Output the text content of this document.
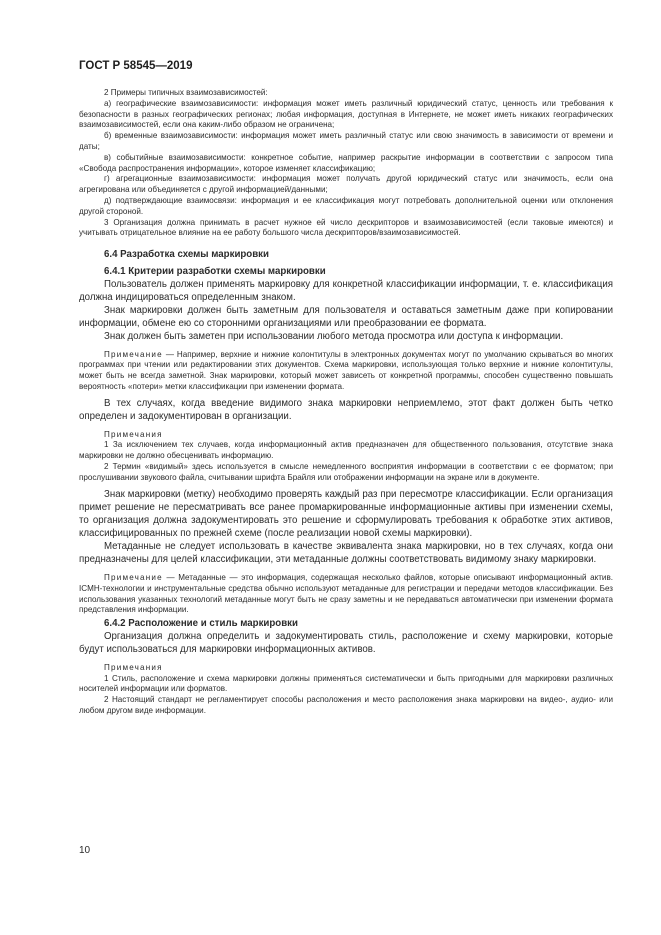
ГОСТ Р 58545—2019

2 Примеры типичных взаимозависимостей:

а) географические взаимозависимости: информация может иметь различный юридический статус, ценность или требования к безопасности в разных географических регионах; любая информация, доступная в Интернете, не может иметь никаких географических взаимозависимостей, если она каким-либо образом не ограничена;

б) временные взаимозависимости: информация может иметь различный статус или свою значимость в зависимости от времени и даты;

в) событийные взаимозависимости: конкретное событие, например раскрытие информации в соответствии с запросом типа «Свобода распространения информации», которое изменяет классификацию;

г) агрегационные взаимозависимости: информация может получать другой юридический статус или значимость, если она агрегирована или объединяется с другой информацией/данными;

д) подтверждающие взаимосвязи: информация и ее классификация могут потребовать дополнительной оценки или отклонения другой стороной.

3 Организация должна принимать в расчет нужное ей число дескрипторов и взаимозависимостей (если таковые имеются) и учитывать отрицательное влияние на ее работу большого числа дескрипторов/взаимозависимостей.

6.4 Разработка схемы маркировки

6.4.1 Критерии разработки схемы маркировки

Пользователь должен применять маркировку для конкретной классификации информации, т. е. классификация должна индицироваться определенным знаком.

Знак маркировки должен быть заметным для пользователя и оставаться заметным даже при копировании информации, обмене ею со сторонними организациями или преобразовании ее формата.

Знак должен быть заметен при использовании любого метода просмотра или доступа к информации.

Примечание — Например, верхние и нижние колонтитулы в электронных документах могут по умолчанию скрываться во многих программах при чтении или редактировании этих документов. Схема маркировки, использующая только верхние и нижние колонтитулы, может быть не всегда заметной. Знак маркировки, который может зависеть от конкретной программы, способен существенно повышать вероятность «потери» метки классификации при изменении формата.

В тех случаях, когда введение видимого знака маркировки неприемлемо, этот факт должен быть четко определен и задокументирован в организации.

Примечания

1 За исключением тех случаев, когда информационный актив предназначен для общественного пользования, отсутствие знака маркировки не должно обесценивать информацию.

2 Термин «видимый» здесь используется в смысле немедленного восприятия информации в соответствии с ее форматом; при прослушивании звукового файла, считывании шрифта Брайля или отображении информации на экране или в документе.

Знак маркировки (метку) необходимо проверять каждый раз при пересмотре классификации. Если организация примет решение не пересматривать все ранее промаркированные информационные активы при изменении схемы, то организация должна задокументировать это решение и сформулировать требования к обработке этих активов, классифицированных по прежней схеме (после реализации новой схемы маркировки).

Метаданные не следует использовать в качестве эквивалента знака маркировки, но в тех случаях, когда они предназначены для целей классификации, эти метаданные должны соответствовать видимому знаку маркировки.

Примечание — Метаданные — это информация, содержащая несколько файлов, которые описывают информационный актив. ICMH-технологии и инструментальные средства обычно используют метаданные для регистрации и передачи методов классификации. Без использования указанных технологий метаданные могут быть не сразу заметны и не передаваться автоматически при изменении формата представления информации.

6.4.2 Расположение и стиль маркировки

Организация должна определить и задокументировать стиль, расположение и схему маркировки, которые будут использоваться для маркировки информационных активов.

Примечания

1 Стиль, расположение и схема маркировки должны применяться систематически и быть пригодными для маркировки различных носителей информации или форматов.

2 Настоящий стандарт не регламентирует способы расположения и место расположения знака маркировки на видео-, аудио- или любом другом виде информации.

10
